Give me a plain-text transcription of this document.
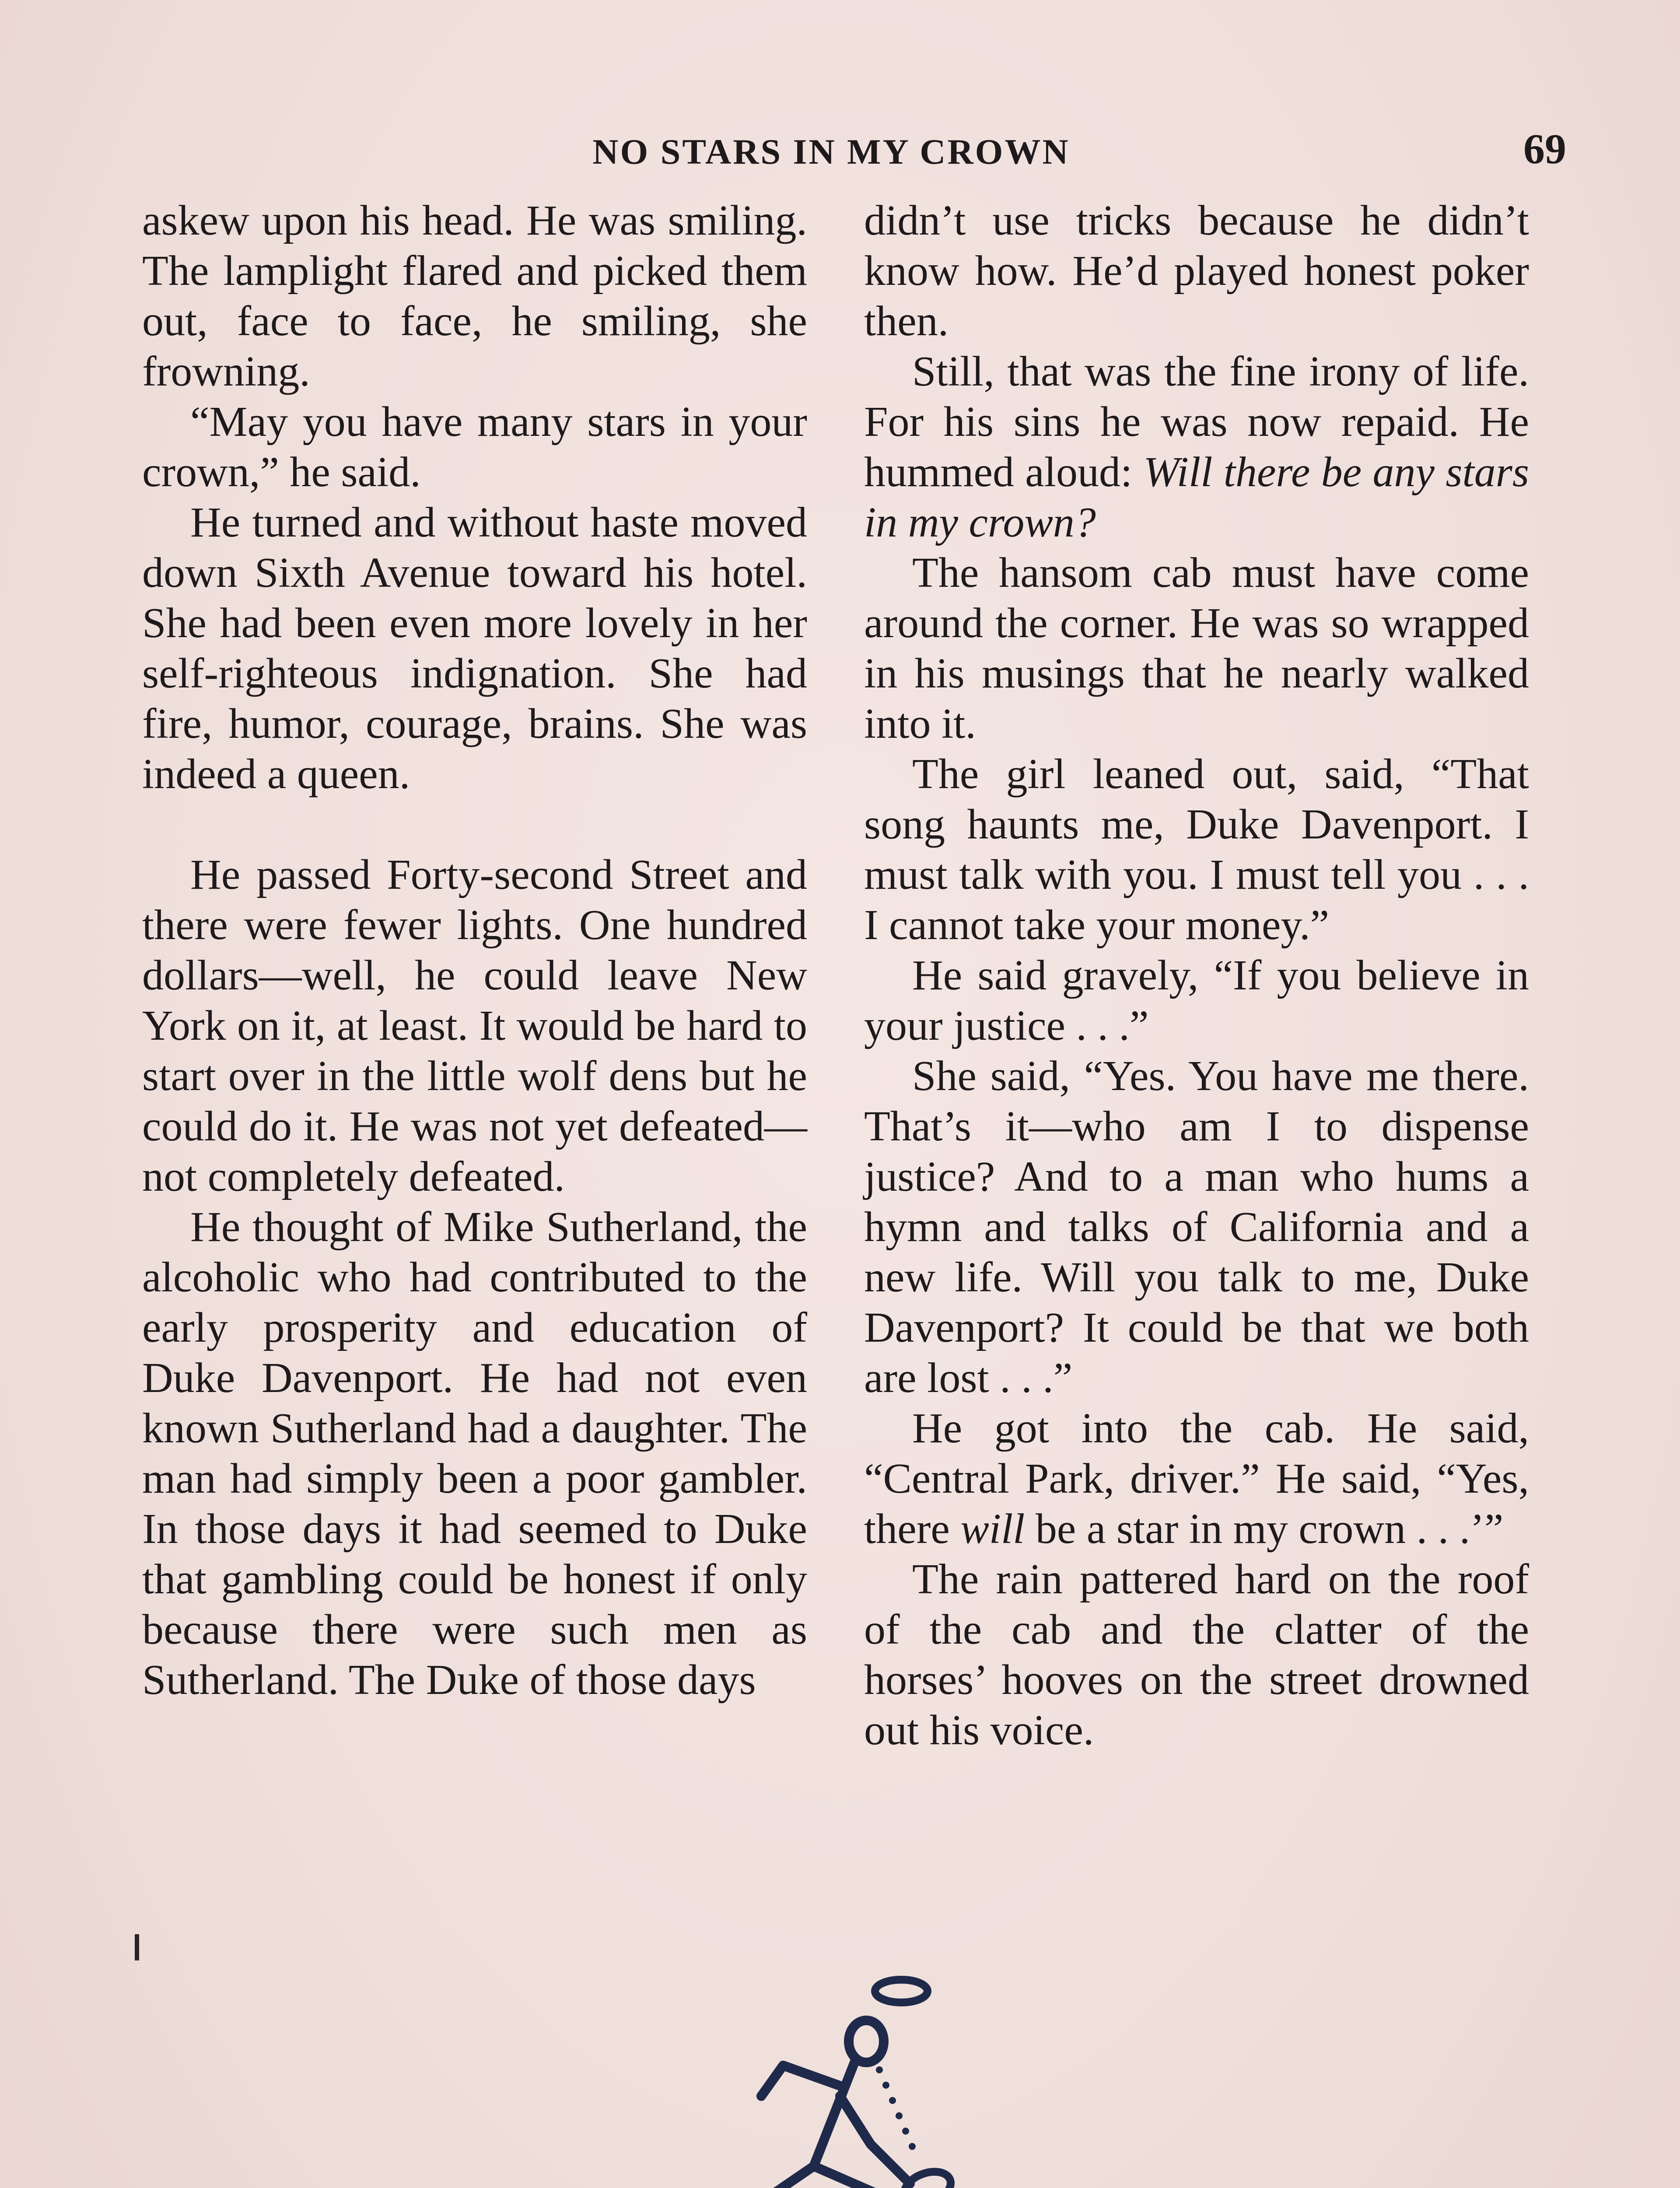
NO STARS IN MY CROWN	69

askew upon his head. He was smiling. The lamplight flared and picked them out, face to face, he smiling, she frowning.

“May you have many stars in your crown,” he said.

He turned and without haste moved down Sixth Avenue toward his hotel. She had been even more lovely in her self-righteous indignation. She had fire, humor, courage, brains. She was indeed a queen.

He passed Forty-second Street and there were fewer lights. One hundred dollars—well, he could leave New York on it, at least. It would be hard to start over in the little wolf dens but he could do it. He was not yet defeated—not completely defeated.

He thought of Mike Sutherland, the alcoholic who had contributed to the early prosperity and education of Duke Davenport. He had not even known Sutherland had a daughter. The man had simply been a poor gambler. In those days it had seemed to Duke that gambling could be honest if only because there were such men as Sutherland. The Duke of those days

didn’t use tricks because he didn’t know how. He’d played honest poker then.

Still, that was the fine irony of life. For his sins he was now repaid. He hummed aloud: Will there be any stars in my crown?

The hansom cab must have come around the corner. He was so wrapped in his musings that he nearly walked into it.

The girl leaned out, said, “That song haunts me, Duke Davenport. I must talk with you. I must tell you . . . I cannot take your money.”

He said gravely, “If you believe in your justice . . .”

She said, “Yes. You have me there. That’s it—who am I to dispense justice? And to a man who hums a hymn and talks of California and a new life. Will you talk to me, Duke Davenport? It could be that we both are lost . . .”

He got into the cab. He said, “Central Park, driver.” He said, “Yes, there will be a star in my crown . . .’”

The rain pattered hard on the roof of the cab and the clatter of the horses’ hooves on the street drowned out his voice.
